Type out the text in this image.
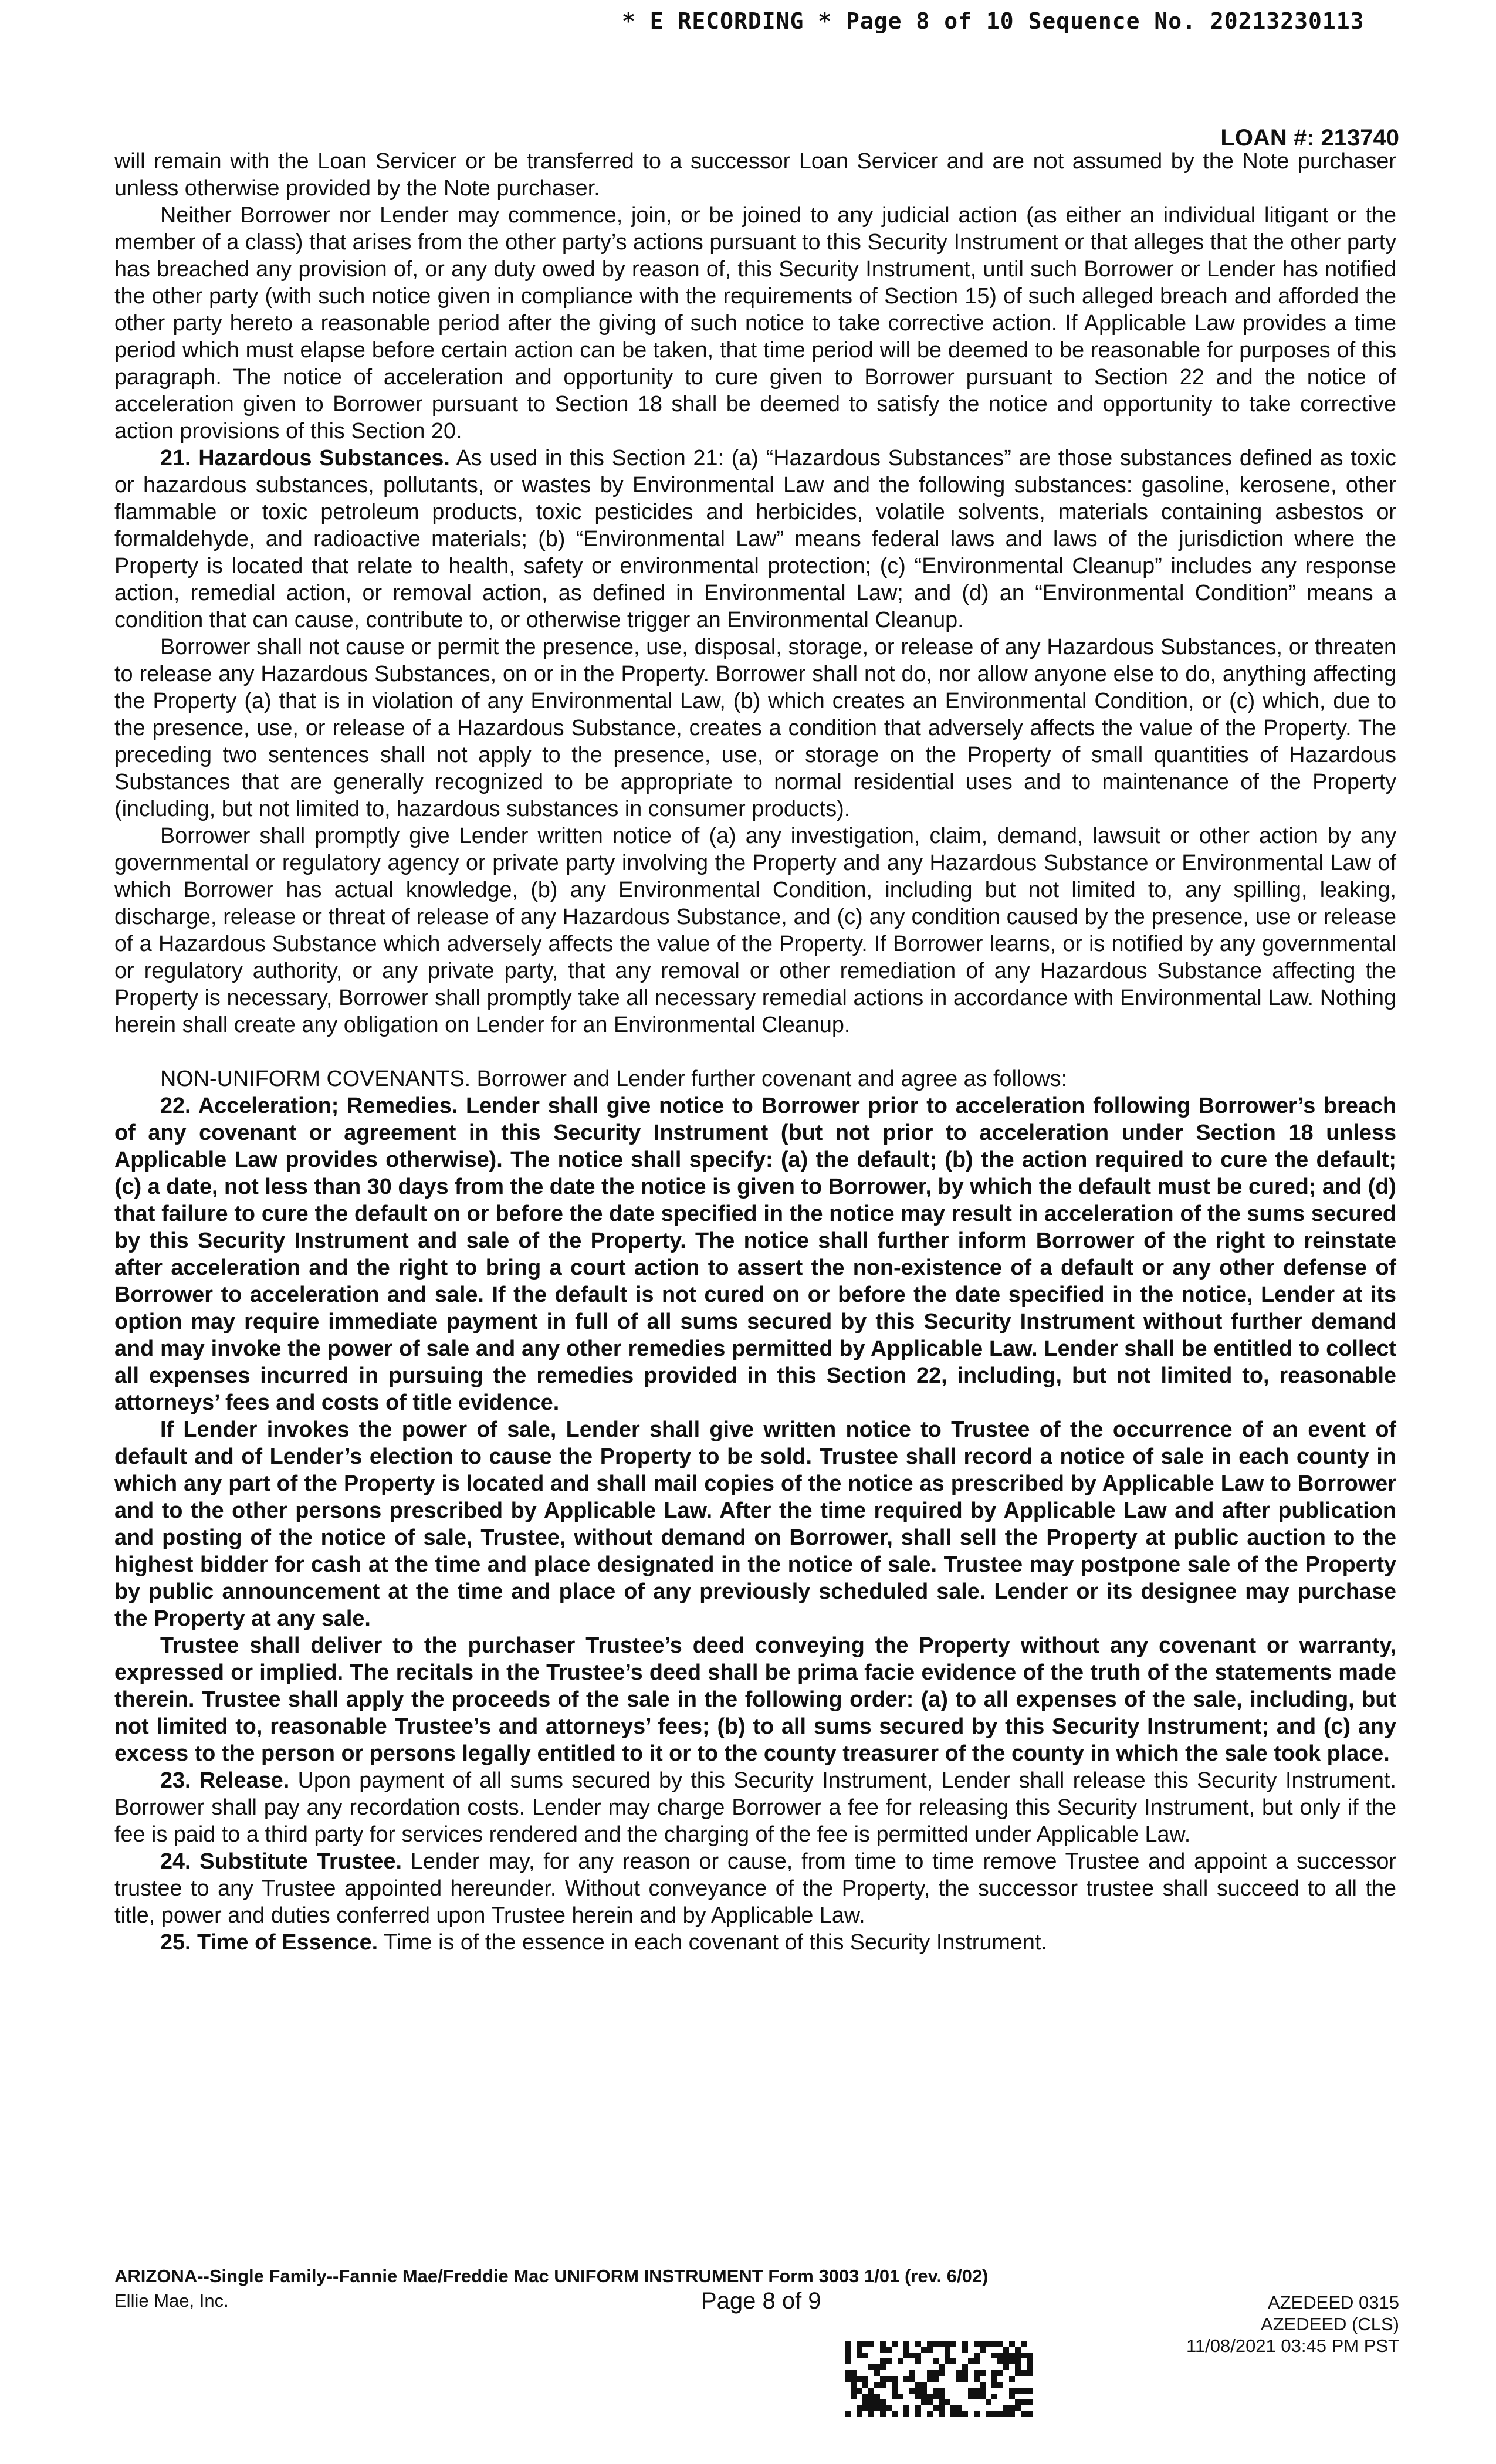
* E RECORDING * Page 8 of 10 Sequence No. 20213230113
LOAN #: 213740

will remain with the Loan Servicer or be transferred to a successor Loan Servicer and are not assumed by the Note purchaser unless otherwise provided by the Note purchaser.

Neither Borrower nor Lender may commence, join, or be joined to any judicial action (as either an individual litigant or the member of a class) that arises from the other party’s actions pursuant to this Security Instrument or that alleges that the other party has breached any provision of, or any duty owed by reason of, this Security Instrument, until such Borrower or Lender has notified the other party (with such notice given in compliance with the requirements of Section 15) of such alleged breach and afforded the other party hereto a reasonable period after the giving of such notice to take corrective action. If Applicable Law provides a time period which must elapse before certain action can be taken, that time period will be deemed to be reasonable for purposes of this paragraph. The notice of acceleration and opportunity to cure given to Borrower pursuant to Section 22 and the notice of acceleration given to Borrower pursuant to Section 18 shall be deemed to satisfy the notice and opportunity to take corrective action provisions of this Section 20.

21. Hazardous Substances. As used in this Section 21: (a) “Hazardous Substances” are those substances defined as toxic or hazardous substances, pollutants, or wastes by Environmental Law and the following substances: gasoline, kerosene, other flammable or toxic petroleum products, toxic pesticides and herbicides, volatile solvents, materials containing asbestos or formaldehyde, and radioactive materials; (b) “Environmental Law” means federal laws and laws of the jurisdiction where the Property is located that relate to health, safety or environmental protection; (c) “Environmental Cleanup” includes any response action, remedial action, or removal action, as defined in Environmental Law; and (d) an “Environmental Condition” means a condition that can cause, contribute to, or otherwise trigger an Environmental Cleanup.

Borrower shall not cause or permit the presence, use, disposal, storage, or release of any Hazardous Substances, or threaten to release any Hazardous Substances, on or in the Property. Borrower shall not do, nor allow anyone else to do, anything affecting the Property (a) that is in violation of any Environmental Law, (b) which creates an Environmental Condition, or (c) which, due to the presence, use, or release of a Hazardous Substance, creates a condition that adversely affects the value of the Property. The preceding two sentences shall not apply to the presence, use, or storage on the Property of small quantities of Hazardous Substances that are generally recognized to be appropriate to normal residential uses and to maintenance of the Property (including, but not limited to, hazardous substances in consumer products).

Borrower shall promptly give Lender written notice of (a) any investigation, claim, demand, lawsuit or other action by any governmental or regulatory agency or private party involving the Property and any Hazardous Substance or Environmental Law of which Borrower has actual knowledge, (b) any Environmental Condition, including but not limited to, any spilling, leaking, discharge, release or threat of release of any Hazardous Substance, and (c) any condition caused by the presence, use or release of a Hazardous Substance which adversely affects the value of the Property. If Borrower learns, or is notified by any governmental or regulatory authority, or any private party, that any removal or other remediation of any Hazardous Substance affecting the Property is necessary, Borrower shall promptly take all necessary remedial actions in accordance with Environmental Law. Nothing herein shall create any obligation on Lender for an Environmental Cleanup.

NON-UNIFORM COVENANTS. Borrower and Lender further covenant and agree as follows:

22. Acceleration; Remedies. Lender shall give notice to Borrower prior to acceleration following Borrower’s breach of any covenant or agreement in this Security Instrument (but not prior to acceleration under Section 18 unless Applicable Law provides otherwise). The notice shall specify: (a) the default; (b) the action required to cure the default; (c) a date, not less than 30 days from the date the notice is given to Borrower, by which the default must be cured; and (d) that failure to cure the default on or before the date specified in the notice may result in acceleration of the sums secured by this Security Instrument and sale of the Property. The notice shall further inform Borrower of the right to reinstate after acceleration and the right to bring a court action to assert the non-existence of a default or any other defense of Borrower to acceleration and sale. If the default is not cured on or before the date specified in the notice, Lender at its option may require immediate payment in full of all sums secured by this Security Instrument without further demand and may invoke the power of sale and any other remedies permitted by Applicable Law. Lender shall be entitled to collect all expenses incurred in pursuing the remedies provided in this Section 22, including, but not limited to, reasonable attorneys’ fees and costs of title evidence.

If Lender invokes the power of sale, Lender shall give written notice to Trustee of the occurrence of an event of default and of Lender’s election to cause the Property to be sold. Trustee shall record a notice of sale in each county in which any part of the Property is located and shall mail copies of the notice as prescribed by Applicable Law to Borrower and to the other persons prescribed by Applicable Law. After the time required by Applicable Law and after publication and posting of the notice of sale, Trustee, without demand on Borrower, shall sell the Property at public auction to the highest bidder for cash at the time and place designated in the notice of sale. Trustee may postpone sale of the Property by public announcement at the time and place of any previously scheduled sale. Lender or its designee may purchase the Property at any sale.

Trustee shall deliver to the purchaser Trustee’s deed conveying the Property without any covenant or warranty, expressed or implied. The recitals in the Trustee’s deed shall be prima facie evidence of the truth of the statements made therein. Trustee shall apply the proceeds of the sale in the following order: (a) to all expenses of the sale, including, but not limited to, reasonable Trustee’s and attorneys’ fees; (b) to all sums secured by this Security Instrument; and (c) any excess to the person or persons legally entitled to it or to the county treasurer of the county in which the sale took place.

23. Release. Upon payment of all sums secured by this Security Instrument, Lender shall release this Security Instrument. Borrower shall pay any recordation costs. Lender may charge Borrower a fee for releasing this Security Instrument, but only if the fee is paid to a third party for services rendered and the charging of the fee is permitted under Applicable Law.

24. Substitute Trustee. Lender may, for any reason or cause, from time to time remove Trustee and appoint a successor trustee to any Trustee appointed hereunder. Without conveyance of the Property, the successor trustee shall succeed to all the title, power and duties conferred upon Trustee herein and by Applicable Law.

25. Time of Essence. Time is of the essence in each covenant of this Security Instrument.

ARIZONA--Single Family--Fannie Mae/Freddie Mac UNIFORM INSTRUMENT Form 3003 1/01 (rev. 6/02)
Ellie Mae, Inc.	Page 8 of 9	AZEDEED 0315
AZEDEED (CLS)
11/08/2021 03:45 PM PST
